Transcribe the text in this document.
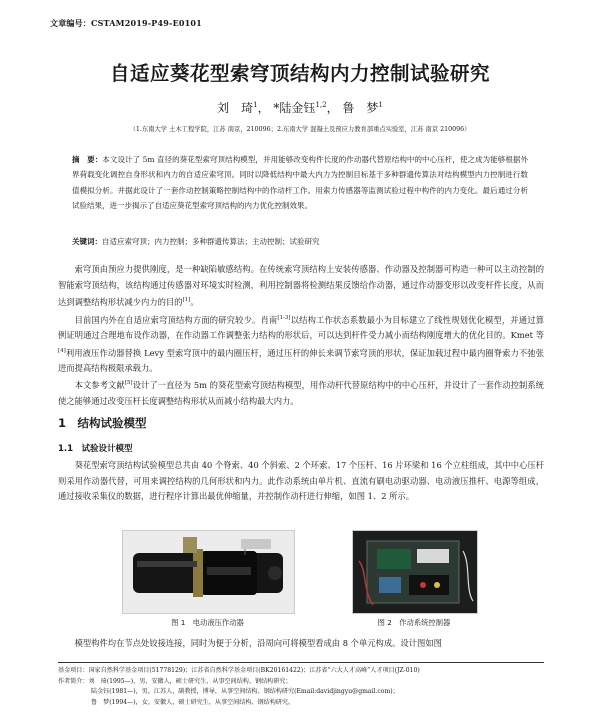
文章编号：CSTAM2019-P49-E0101
自适应葵花型索穹顶结构内力控制试验研究
刘　琦$^1$， *陆金钰$^{1,2}$， 鲁　梦$^1$
（1.东南大学 土木工程学院，江苏 南京，210096；2.东南大学 混凝土及预应力教育部重点实验室，江苏 南京 210096）
摘　要：本文设计了 5m 直径的葵花型索穹顶结构模型，并用能够改变构件长度的作动器代替原结构中的中心压杆，使之成为能够根据外界荷载变化调控自身形状和内力的自适应索穹顶。同时以降低结构中最大内力为控制目标基于多种群遗传算法对结构模型内力控制进行数值模拟分析。并据此设计了一套作动控制策略控制结构中的作动杆工作。用索力传感器等监测试验过程中构件的内力变化。最后通过分析试验结果，进一步揭示了自适应葵花型索穹顶结构的内力优化控制效果。
关键词：自适应索穹顶；内力控制；多种群遗传算法；主动控制；试验研究

索穹顶由预应力提供刚度，是一种缺陷敏感结构。在传统索穹顶结构上安装传感器、作动器及控制器可构造一种可以主动控制的智能索穹顶结构，该结构通过传感器对环境实时检测，利用控制器将检测结果反馈给作动器，通过作动器变形以改变杆件长度，从而达到调整结构形状减少内力的目的[1]。

目前国内外在自适应索穹顶结构方面的研究较少。肖南[1-3]以结构工作状态系数最小为目标建立了线性规划优化模型，并通过算例证明通过合理地布设作动器，在作动器工作调整张力结构的形状后，可以达到杆件受力减小而结构刚度增大的优化目的。Kmet 等[4]利用液压作动器替换 Levy 型索穹顶中的最内圈压杆，通过压杆的伸长来调节索穹顶的形状，保证加载过程中最内圈脊索力不弛张进而提高结构极限承载力。

本文参考文献[5]设计了一直径为 5m 的葵花型索穹顶结构模型，用作动杆代替原结构中的中心压杆，并设计了一套作动控制系统使之能够通过改变压杆长度调整结构形状从而减小结构最大内力。

1　结构试验模型
1.1　试验设计模型

葵花型索穹顶结构试验模型总共由 40 个脊索、40 个斜索、2 个环索、17 个压杆、16 片环梁和 16 个立柱组成，其中中心压杆则采用作动器代替，可用来调控结构的几何形状和内力。此作动系统由单片机、直流有刷电动驱动器、电动液压推杆、电源等组成，通过接收采集仪的数据，进行程序计算出最优伸缩量，并控制作动杆进行伸缩，如图 1、2 所示。

图 1　电动液压作动器	图 2　作动系统控制器

模型构件均在节点处铰接连接，同时为便于分析，沿周向可将模型看成由 8 个单元构成。设计图如图

基金项目：国家自然科学基金项目(51778129)；江苏省自然科学基金项目(BK20161422)；江苏省“六大人才高峰”人才项目(JZ-010)
作者简介：刘　琦(1995—)，男，安徽人，硕士研究生，从事空间结构、钢结构研究；
陆金钰(1981—)，男，江苏人，副教授，博导，从事空间结构、钢结构研究(Email:davidjingyu@gmail.com)；
鲁　梦(1994—)，女，安徽人，硕士研究生，从事空间结构、钢结构研究。
